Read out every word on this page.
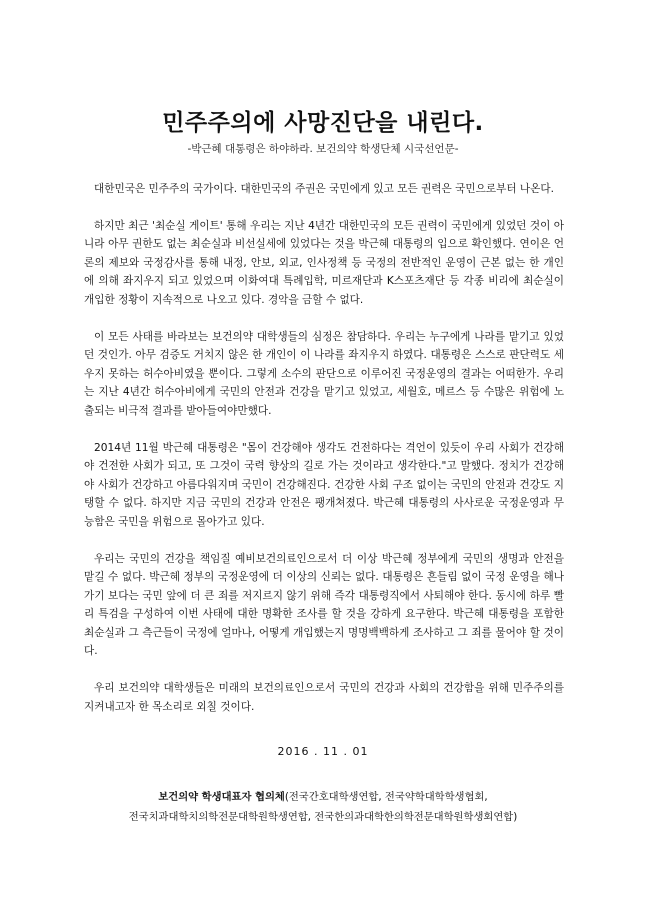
민주주의에 사망진단을 내린다.

-박근혜 대통령은 하야하라. 보건의약 학생단체 시국선언문-

대한민국은 민주주의 국가이다. 대한민국의 주권은 국민에게 있고 모든 권력은 국민으로부터 나온다.

하지만 최근 '최순실 게이트' 통해 우리는 지난 4년간 대한민국의 모든 권력이 국민에게 있었던 것이 아니라 아무 권한도 없는 최순실과 비선실세에 있었다는 것을 박근혜 대통령의 입으로 확인했다. 연이은 언론의 제보와 국정감사를 통해 내정, 안보, 외교, 인사정책 등 국정의 전반적인 운영이 근본 없는 한 개인에 의해 좌지우지 되고 있었으며 이화여대 특례입학, 미르재단과 K스포츠재단 등 각종 비리에 최순실이 개입한 정황이 지속적으로 나오고 있다. 경악을 금할 수 없다.

이 모든 사태를 바라보는 보건의약 대학생들의 심정은 참담하다. 우리는 누구에게 나라를 맡기고 있었던 것인가. 아무 검증도 거치지 않은 한 개인이 이 나라를 좌지우지 하였다. 대통령은 스스로 판단력도 세우지 못하는 허수아비였을 뿐이다. 그렇게 소수의 판단으로 이루어진 국정운영의 결과는 어떠한가. 우리는 지난 4년간 허수아비에게 국민의 안전과 건강을 맡기고 있었고, 세월호, 메르스 등 수많은 위험에 노출되는 비극적 결과를 받아들여야만했다.

2014년 11월 박근혜 대통령은 "몸이 건강해야 생각도 건전하다는 격언이 있듯이 우리 사회가 건강해야 건전한 사회가 되고, 또 그것이 국력 향상의 길로 가는 것이라고 생각한다."고 말했다. 정치가 건강해야 사회가 건강하고 아름다워지며 국민이 건강해진다. 건강한 사회 구조 없이는 국민의 안전과 건강도 지탱할 수 없다. 하지만 지금 국민의 건강과 안전은 팽개쳐졌다. 박근혜 대통령의 사사로운 국정운영과 무능함은 국민을 위험으로 몰아가고 있다.

우리는 국민의 건강을 책임질 예비보건의료인으로서 더 이상 박근혜 정부에게 국민의 생명과 안전을 맡길 수 없다. 박근혜 정부의 국정운영에 더 이상의 신뢰는 없다. 대통령은 흔들림 없이 국정 운영을 해나가기 보다는 국민 앞에 더 큰 죄를 저지르지 않기 위해 즉각 대통령직에서 사퇴해야 한다. 동시에 하루 빨리 특검을 구성하여 이번 사태에 대한 명확한 조사를 할 것을 강하게 요구한다. 박근혜 대통령을 포함한 최순실과 그 측근들이 국정에 얼마나, 어떻게 개입했는지 명명백백하게 조사하고 그 죄를 물어야 할 것이다.

우리 보건의약 대학생들은 미래의 보건의료인으로서 국민의 건강과 사회의 건강함을 위해 민주주의를 지켜내고자 한 목소리로 외칠 것이다.

2016 . 11 . 01

보건의약 학생대표자 협의체(전국간호대학생연합, 전국약학대학학생협회,
전국치과대학치의학전문대학원학생연합, 전국한의과대학한의학전문대학원학생회연합)
